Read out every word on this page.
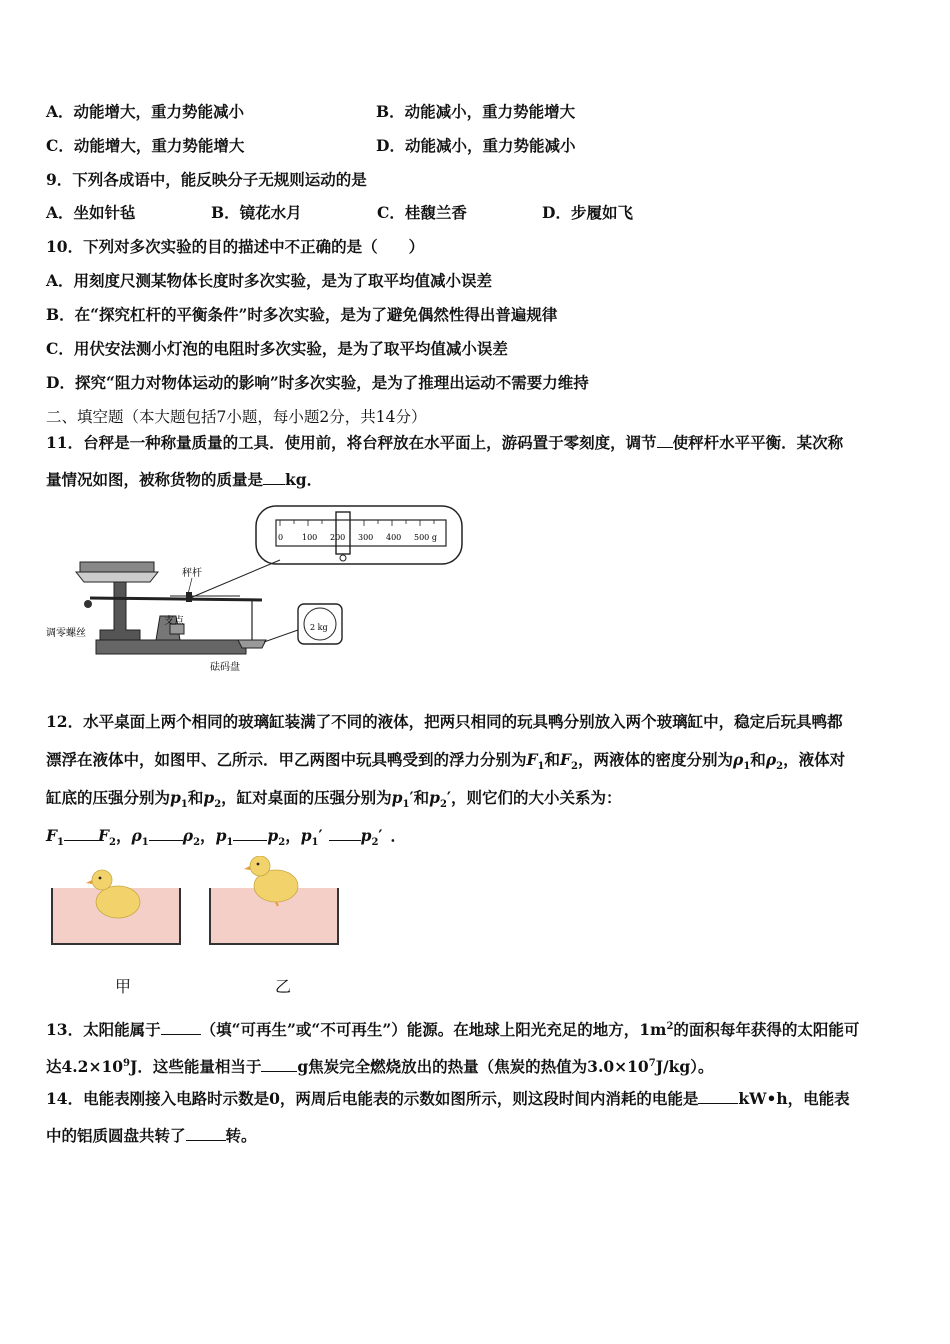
A．动能增大，重力势能减小	B．动能减小，重力势能增大
C．动能增大，重力势能增大	D．动能减小，重力势能减小
9．下列各成语中，能反映分子无规则运动的是
A．坐如针毡	B．镜花水月	C．桂馥兰香	D．步履如飞
10．下列对多次实验的目的描述中不正确的是（　　）
A．用刻度尺测某物体长度时多次实验，是为了取平均值减小误差
B．在“探究杠杆的平衡条件”时多次实验，是为了避免偶然性得出普遍规律
C．用伏安法测小灯泡的电阻时多次实验，是为了取平均值减小误差
D．探究“阻力对物体运动的影响”时多次实验，是为了推理出运动不需要力维持
二、填空题（本大题包括7小题，每小题2分，共14分）
11．台秤是一种称量质量的工具．使用前，将台秤放在水平面上，游码置于零刻度，调节 使秤杆水平平衡．某次称
量情况如图，被称货物的质量是 kg．
0 100 200 300 400 500 g
2 kg
秤杆
支点
调零螺丝
砝码盘
12．水平桌面上两个相同的玻璃缸装满了不同的液体，把两只相同的玩具鸭分别放入两个玻璃缸中，稳定后玩具鸭都
漂浮在液体中，如图甲、乙所示．甲乙两图中玩具鸭受到的浮力分别为$F_1$和$F_2$，两液体的密度分别为$\rho_1$和$\rho_2$，液体对
缸底的压强分别为$p_1$和$p_2$，缸对桌面的压强分别为$p_1'$和$p_2'$，则它们的大小关系为：
$F_1$ $F_2$，$\rho_1$ $\rho_2$，$p_1$ $p_2$，$p_1'$ $p_2'$ ．
甲	乙
13．太阳能属于	（填“可再生”或“不可再生”）能源。在地球上阳光充足的地方，$1m^2$的面积每年获得的太阳能可
达$4.2\times 10^9J$．这些能量相当于 g焦炭完全燃烧放出的热量（焦炭的热值为$3.0\times 10^7J/kg$）。
14．电能表刚接入电路时示数是0，两周后电能表的示数如图所示，则这段时间内消耗的电能是	kW•h，电能表
中的铝质圆盘共转了	转。
